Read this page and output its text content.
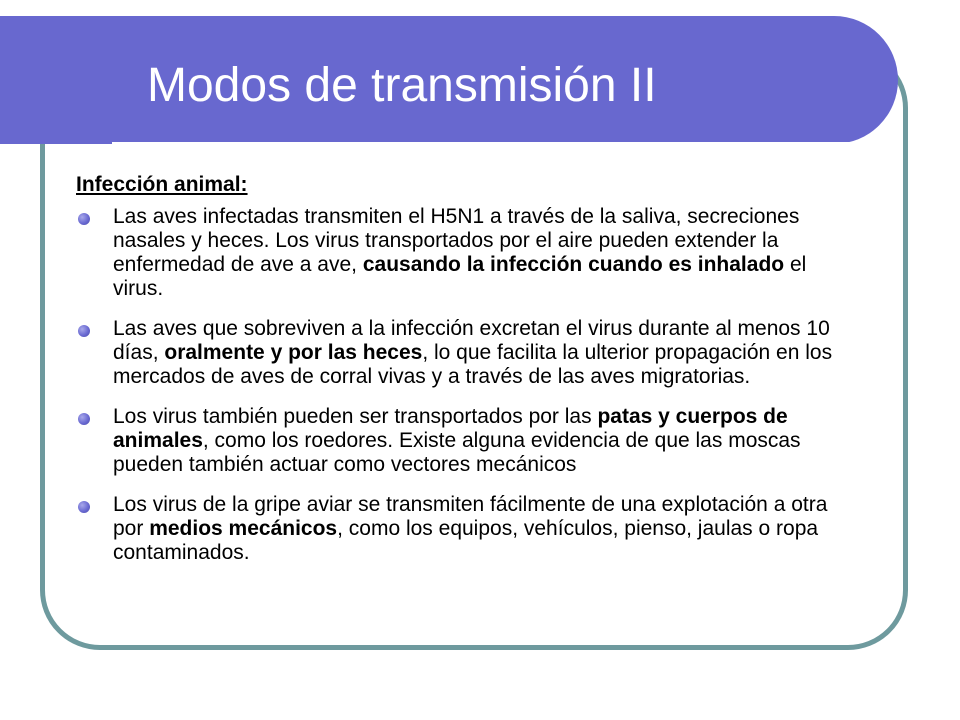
Modos de transmisión II
Infección animal:
Las aves infectadas transmiten el H5N1 a través de la saliva, secreciones nasales y heces. Los virus transportados por el aire pueden extender la enfermedad de ave a ave, causando la infección cuando es inhalado el virus.
Las aves que sobreviven a la infección excretan el virus durante al menos 10 días, oralmente y por las heces, lo que facilita la ulterior propagación en los mercados de aves de corral vivas y a través de las aves migratorias.
Los virus también pueden ser transportados por las patas y cuerpos de animales, como los roedores. Existe alguna evidencia de que las moscas pueden también actuar como vectores mecánicos
Los virus de la gripe aviar se transmiten fácilmente de una explotación a otra por medios mecánicos, como los equipos, vehículos, pienso, jaulas o ropa contaminados.
